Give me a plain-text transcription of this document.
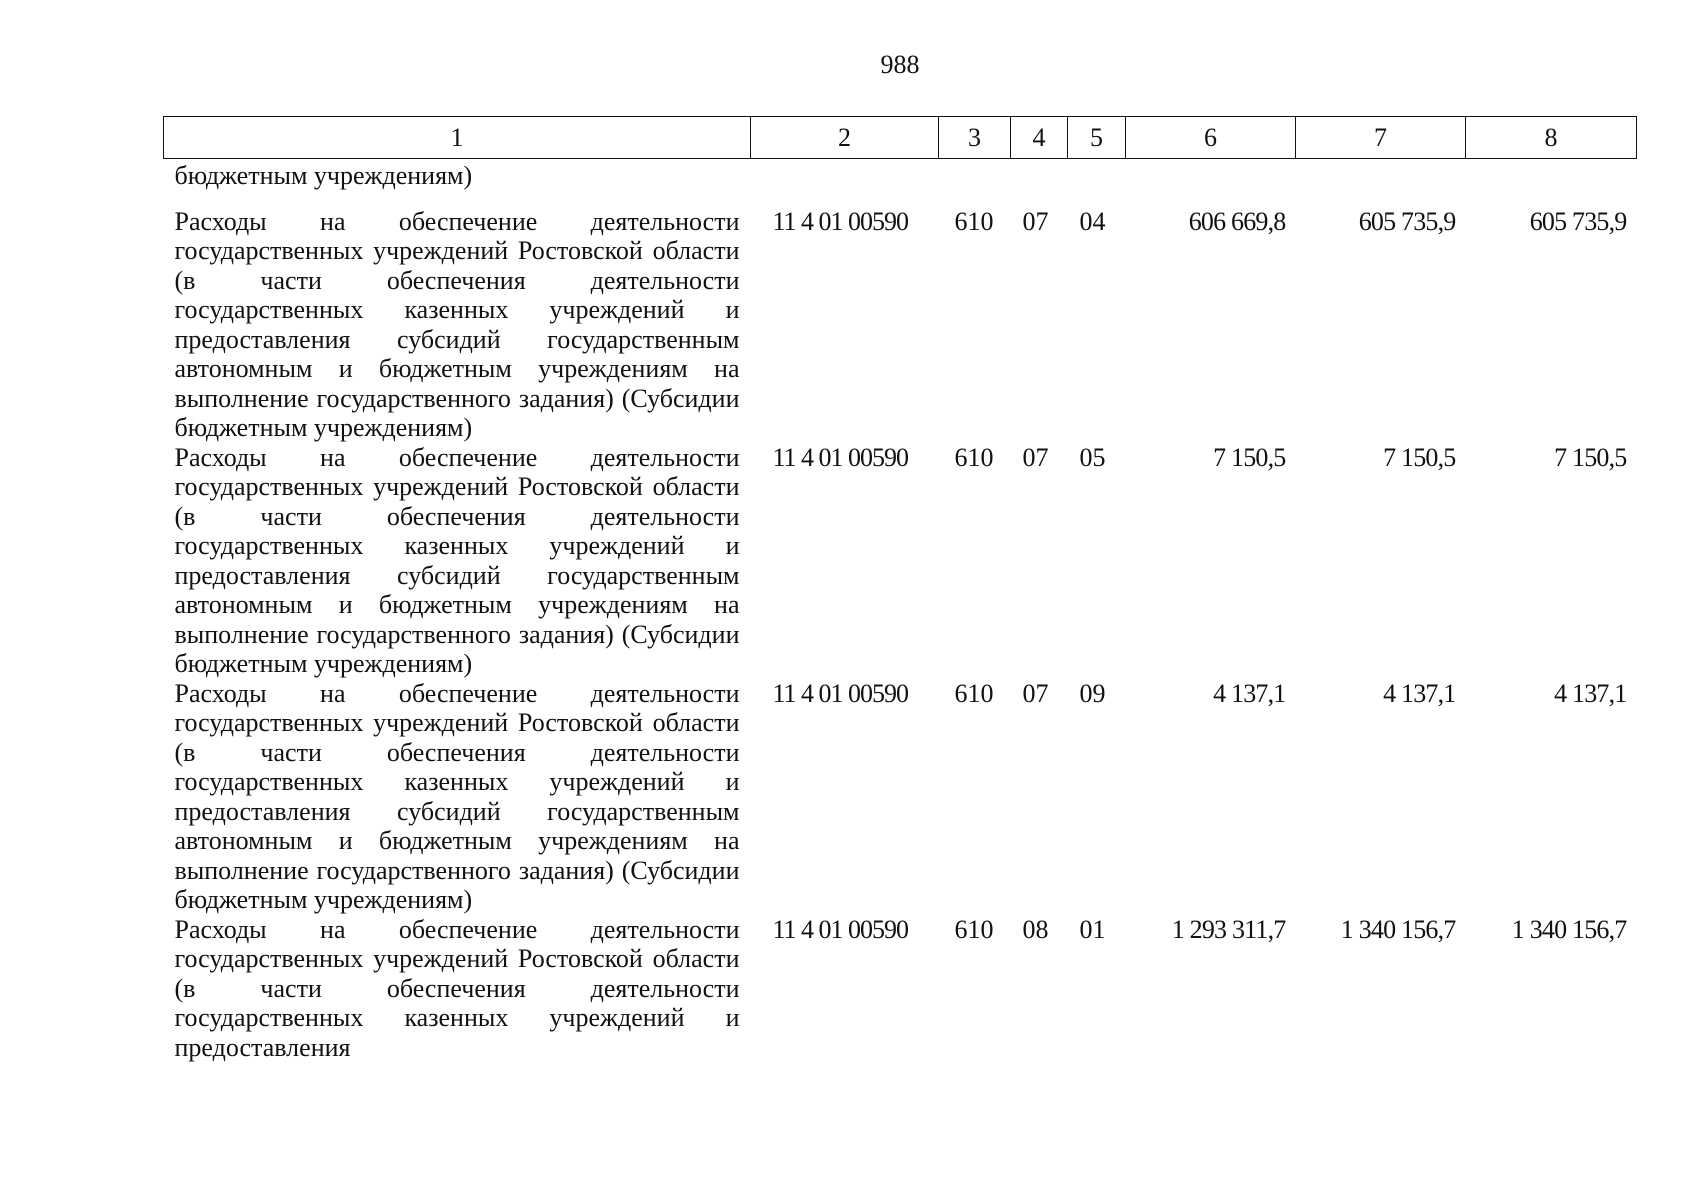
988
1	2	3	4	5	6	7	8
бюджетным учреждениям)							
Расходы на обеспечение деятельности государственных учреждений Ростовской области (в части обеспечения деятельности государственных казенных учреждений и предоставления субсидий государственным автономным и бюджетным учреждениям на выполнение государственного задания) (Субсидии бюджетным учреждениям)	11 4 01 00590	610	07	04	606 669,8	605 735,9	605 735,9
Расходы на обеспечение деятельности государственных учреждений Ростовской области (в части обеспечения деятельности государственных казенных учреждений и предоставления субсидий государственным автономным и бюджетным учреждениям на выполнение государственного задания) (Субсидии бюджетным учреждениям)	11 4 01 00590	610	07	05	7 150,5	7 150,5	7 150,5
Расходы на обеспечение деятельности государственных учреждений Ростовской области (в части обеспечения деятельности государственных казенных учреждений и предоставления субсидий государственным автономным и бюджетным учреждениям на выполнение государственного задания) (Субсидии бюджетным учреждениям)	11 4 01 00590	610	07	09	4 137,1	4 137,1	4 137,1
Расходы на обеспечение деятельности государственных учреждений Ростовской области (в части обеспечения деятельности государственных казенных учреждений и предоставления	11 4 01 00590	610	08	01	1 293 311,7	1 340 156,7	1 340 156,7
